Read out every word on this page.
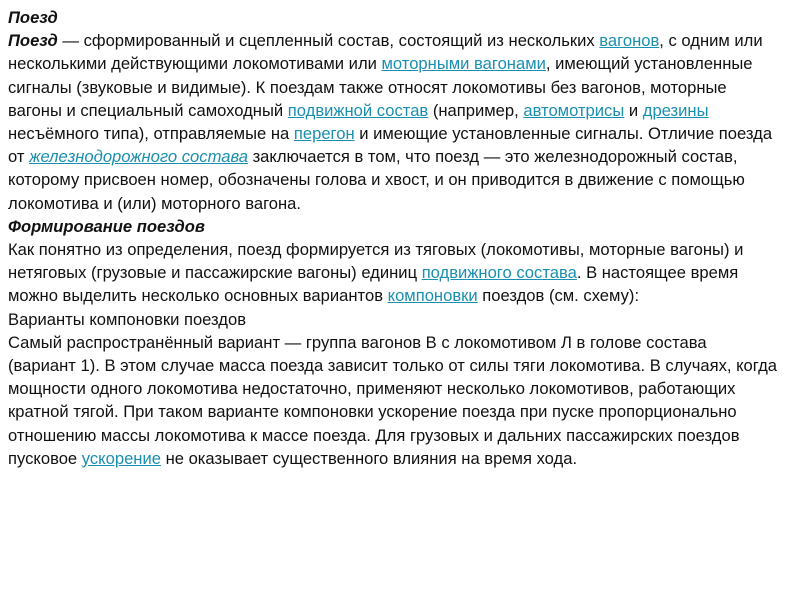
Поезд
Поезд — сформированный и сцепленный состав, состоящий из нескольких вагонов, с одним или несколькими действующими локомотивами или моторными вагонами, имеющий установленные сигналы (звуковые и видимые). К поездам также относят локомотивы без вагонов, моторные вагоны и специальный самоходный подвижной состав (например, автомотрисы и дрезины несъёмного типа), отправляемые на перегон и имеющие установленные сигналы. Отличие поезда от железнодорожного состава заключается в том, что поезд — это железнодорожный состав, которому присвоен номер, обозначены голова и хвост, и он приводится в движение с помощью локомотива и (или) моторного вагона.
Формирование поездов
Как понятно из определения, поезд формируется из тяговых (локомотивы, моторные вагоны) и нетяговых (грузовые и пассажирские вагоны) единиц подвижного состава. В настоящее время можно выделить несколько основных вариантов компоновки поездов (см. схему):
Варианты компоновки поездов
Самый распространённый вариант — группа вагонов В с локомотивом Л в голове состава (вариант 1). В этом случае масса поезда зависит только от силы тяги локомотива. В случаях, когда мощности одного локомотива недостаточно, применяют несколько локомотивов, работающих кратной тягой. При таком варианте компоновки ускорение поезда при пуске пропорционально отношению массы локомотива к массе поезда. Для грузовых и дальних пассажирских поездов пусковое ускорение не оказывает существенного влияния на время хода.
